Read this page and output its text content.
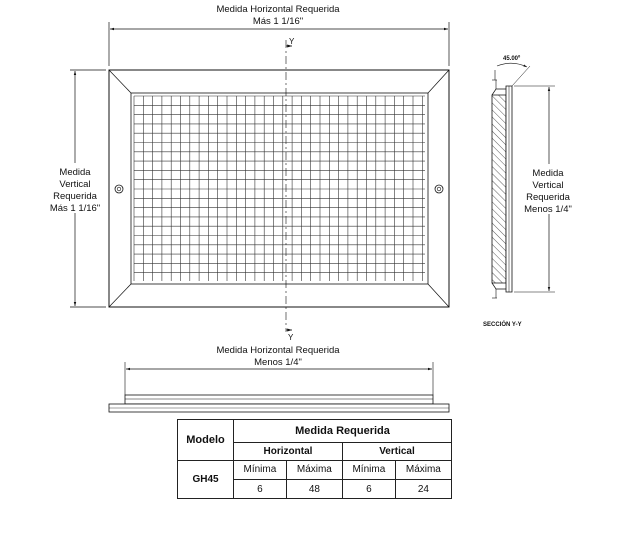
Medida Horizontal Requerida
Más 1 1/16"
Medida
Vertical
Requerida
Más 1 1/16"
Y
Y
45.00º
Medida
Vertical
Requerida
Menos 1/4"
SECCIÓN Y-Y
Medida Horizontal Requerida
Menos 1/4"
Modelo	Medida Requerida			
	Horizontal		Vertical	
GH45	Mínima	Máxima	Mínima	Máxima
	6	48	6	24
